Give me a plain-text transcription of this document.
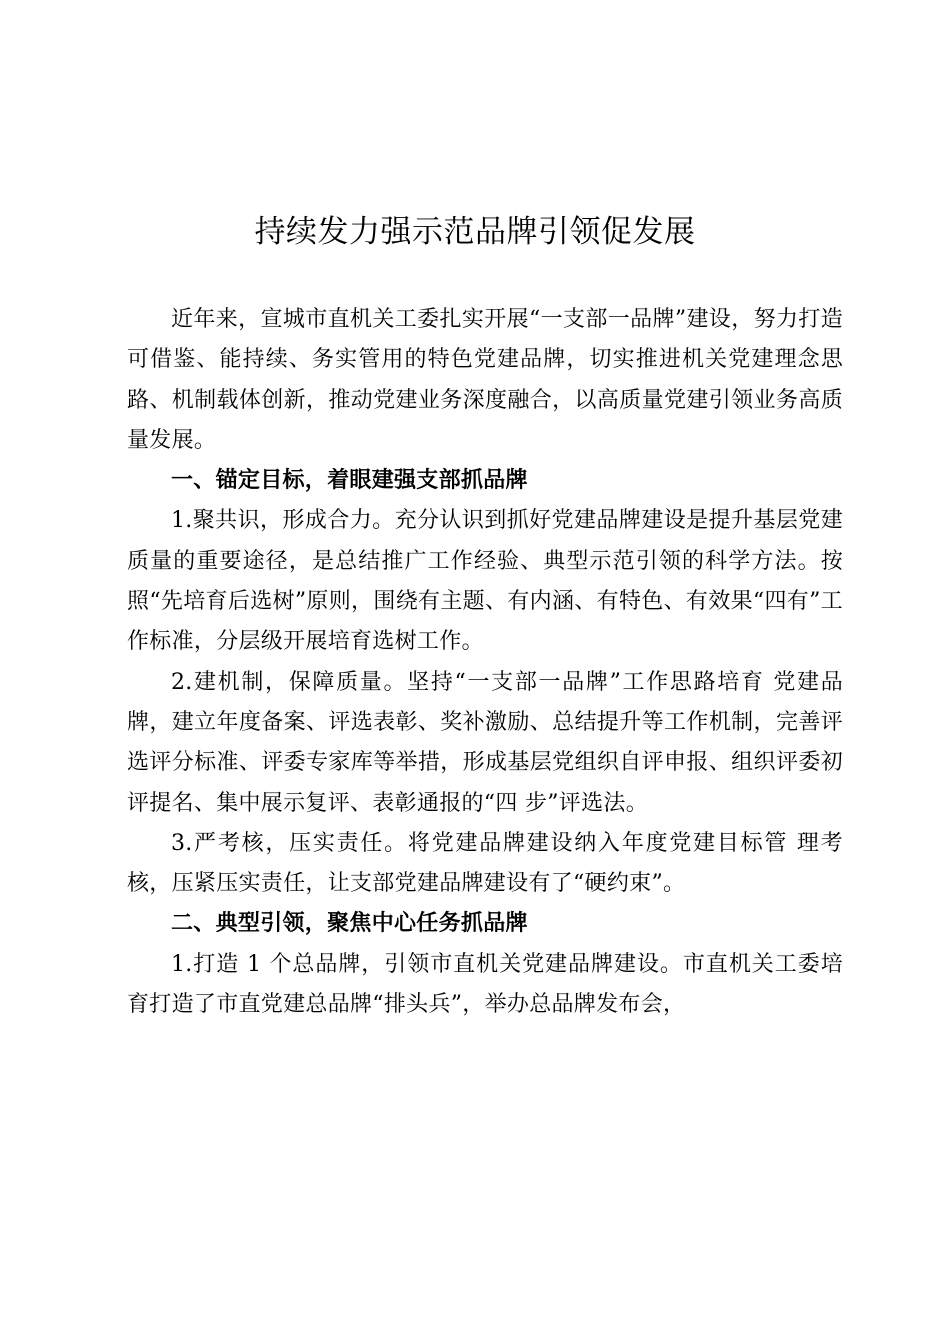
持续发力强示范品牌引领促发展

近年来，宣城市直机关工委扎实开展“一支部一品牌”建设，努力打造可借鉴、能持续、务实管用的特色党建品牌，切实推进机关党建理念思路、机制载体创新，推动党建业务深度融合，以高质量党建引领业务高质量发展。

一、锚定目标，着眼建强支部抓品牌

1.聚共识，形成合力。充分认识到抓好党建品牌建设是提升基层党建质量的重要途径，是总结推广工作经验、典型示范引领的科学方法。按照“先培育后选树”原则，围绕有主题、有内涵、有特色、有效果“四有”工作标准，分层级开展培育选树工作。

2.建机制，保障质量。坚持“一支部一品牌”工作思路培育 党建品牌，建立年度备案、评选表彰、奖补激励、总结提升等工作机制，完善评选评分标准、评委专家库等举措，形成基层党组织自评申报、组织评委初评提名、集中展示复评、表彰通报的“四 步”评选法。

3.严考核，压实责任。将党建品牌建设纳入年度党建目标管 理考核，压紧压实责任，让支部党建品牌建设有了“硬约束”。

二、典型引领，聚焦中心任务抓品牌

1.打造 1 个总品牌，引领市直机关党建品牌建设。市直机关工委培育打造了市直党建总品牌“排头兵”，举办总品牌发布会，
